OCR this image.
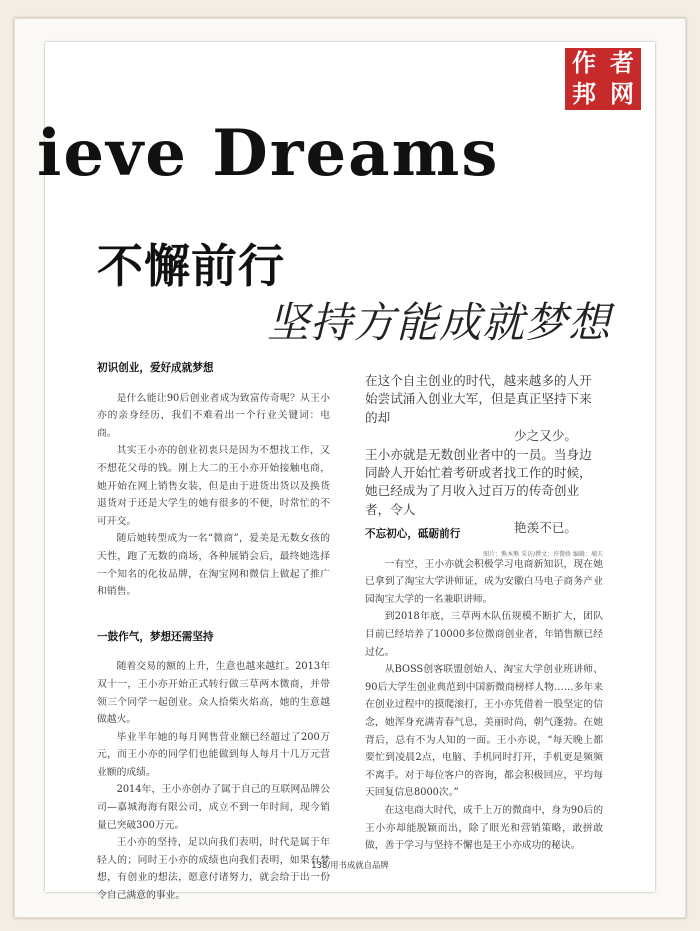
作 者
邦 网
ieve Dreams
不懈前行
坚持方能成就梦想
初识创业，爱好成就梦想

是什么能让90后创业者成为致富传奇呢？从王小亦的亲身经历，我们不难看出一个行业关键词：电商。

其实王小亦的创业初衷只是因为不想找工作，又不想花父母的钱。刚上大二的王小亦开始接触电商，她开始在网上销售女装，但是由于进货出货以及换货退货对于还是大学生的她有很多的不便，时常忙的不可开交。

随后她转型成为一名“微商”，爱美是无数女孩的天性，跑了无数的商场，各种展销会后，最终她选择一个知名的化妆品牌，在淘宝网和微信上做起了推广和销售。

一鼓作气，梦想还需坚持

随着交易的额的上升，生意也越来越红。2013年双十一，王小亦开始正式转行做三草两木微商，并带领三个同学一起创业。众人拾柴火焰高，她的生意越做越火。

毕业半年她的每月网售营业额已经超过了200万元，而王小亦的同学们也能做到每人每月十几万元营业额的成绩。

2014年，王小亦创办了属于自己的互联网品牌公司—嘉城海海有限公司，成立不到一年时间，现今销量已突破300万元。

王小亦的坚持，足以向我们表明，时代是属于年轻人的；同时王小亦的成绩也向我们表明，如果有梦想，有创业的想法，愿意付诸努力，就会给于出一份令自己满意的事业。

在这个自主创业的时代，越来越多的人开始尝试涌入创业大军，但是真正坚持下来的却
少之又少。
王小亦就是无数创业者中的一员。当身边同龄人开始忙着考研或者找工作的时候，她已经成为了月收入过百万的传奇创业者，令人
艳羡不已。
图片：熊本熊 采访/撰文：许微娇 编辑：埔夫
不忘初心，砥砺前行

一有空，王小亦就会积极学习电商新知识，现在她已拿到了淘宝大学讲师证，成为安徽白马电子商务产业园淘宝大学的一名兼职讲师。

到2018年底，三草两木队伍规模不断扩大，团队目前已经培养了10000多位微商创业者，年销售额已经过亿。

从BOSS创客联盟创始人、淘宝大学创业班讲师、90后大学生创业典范到中国新微商榜样人物……多年来在创业过程中的摸爬滚打，王小亦凭借着一股坚定的信念，她浑身充满青春气息，美丽时尚，朝气蓬勃。在她背后，总有不为人知的一面。王小亦说，“每天晚上都要忙到凌晨2点，电脑、手机同时打开，手机更是频频不离手。对于每位客户的咨询，都会积极回应，平均每天回复信息8000次。”

在这电商大时代，成千上万的微商中，身为90后的王小亦却能脱颖而出，除了眼光和营销策略，敢拼敢做，善于学习与坚持不懈也是王小亦成功的秘诀。

138/用书成就自品牌
